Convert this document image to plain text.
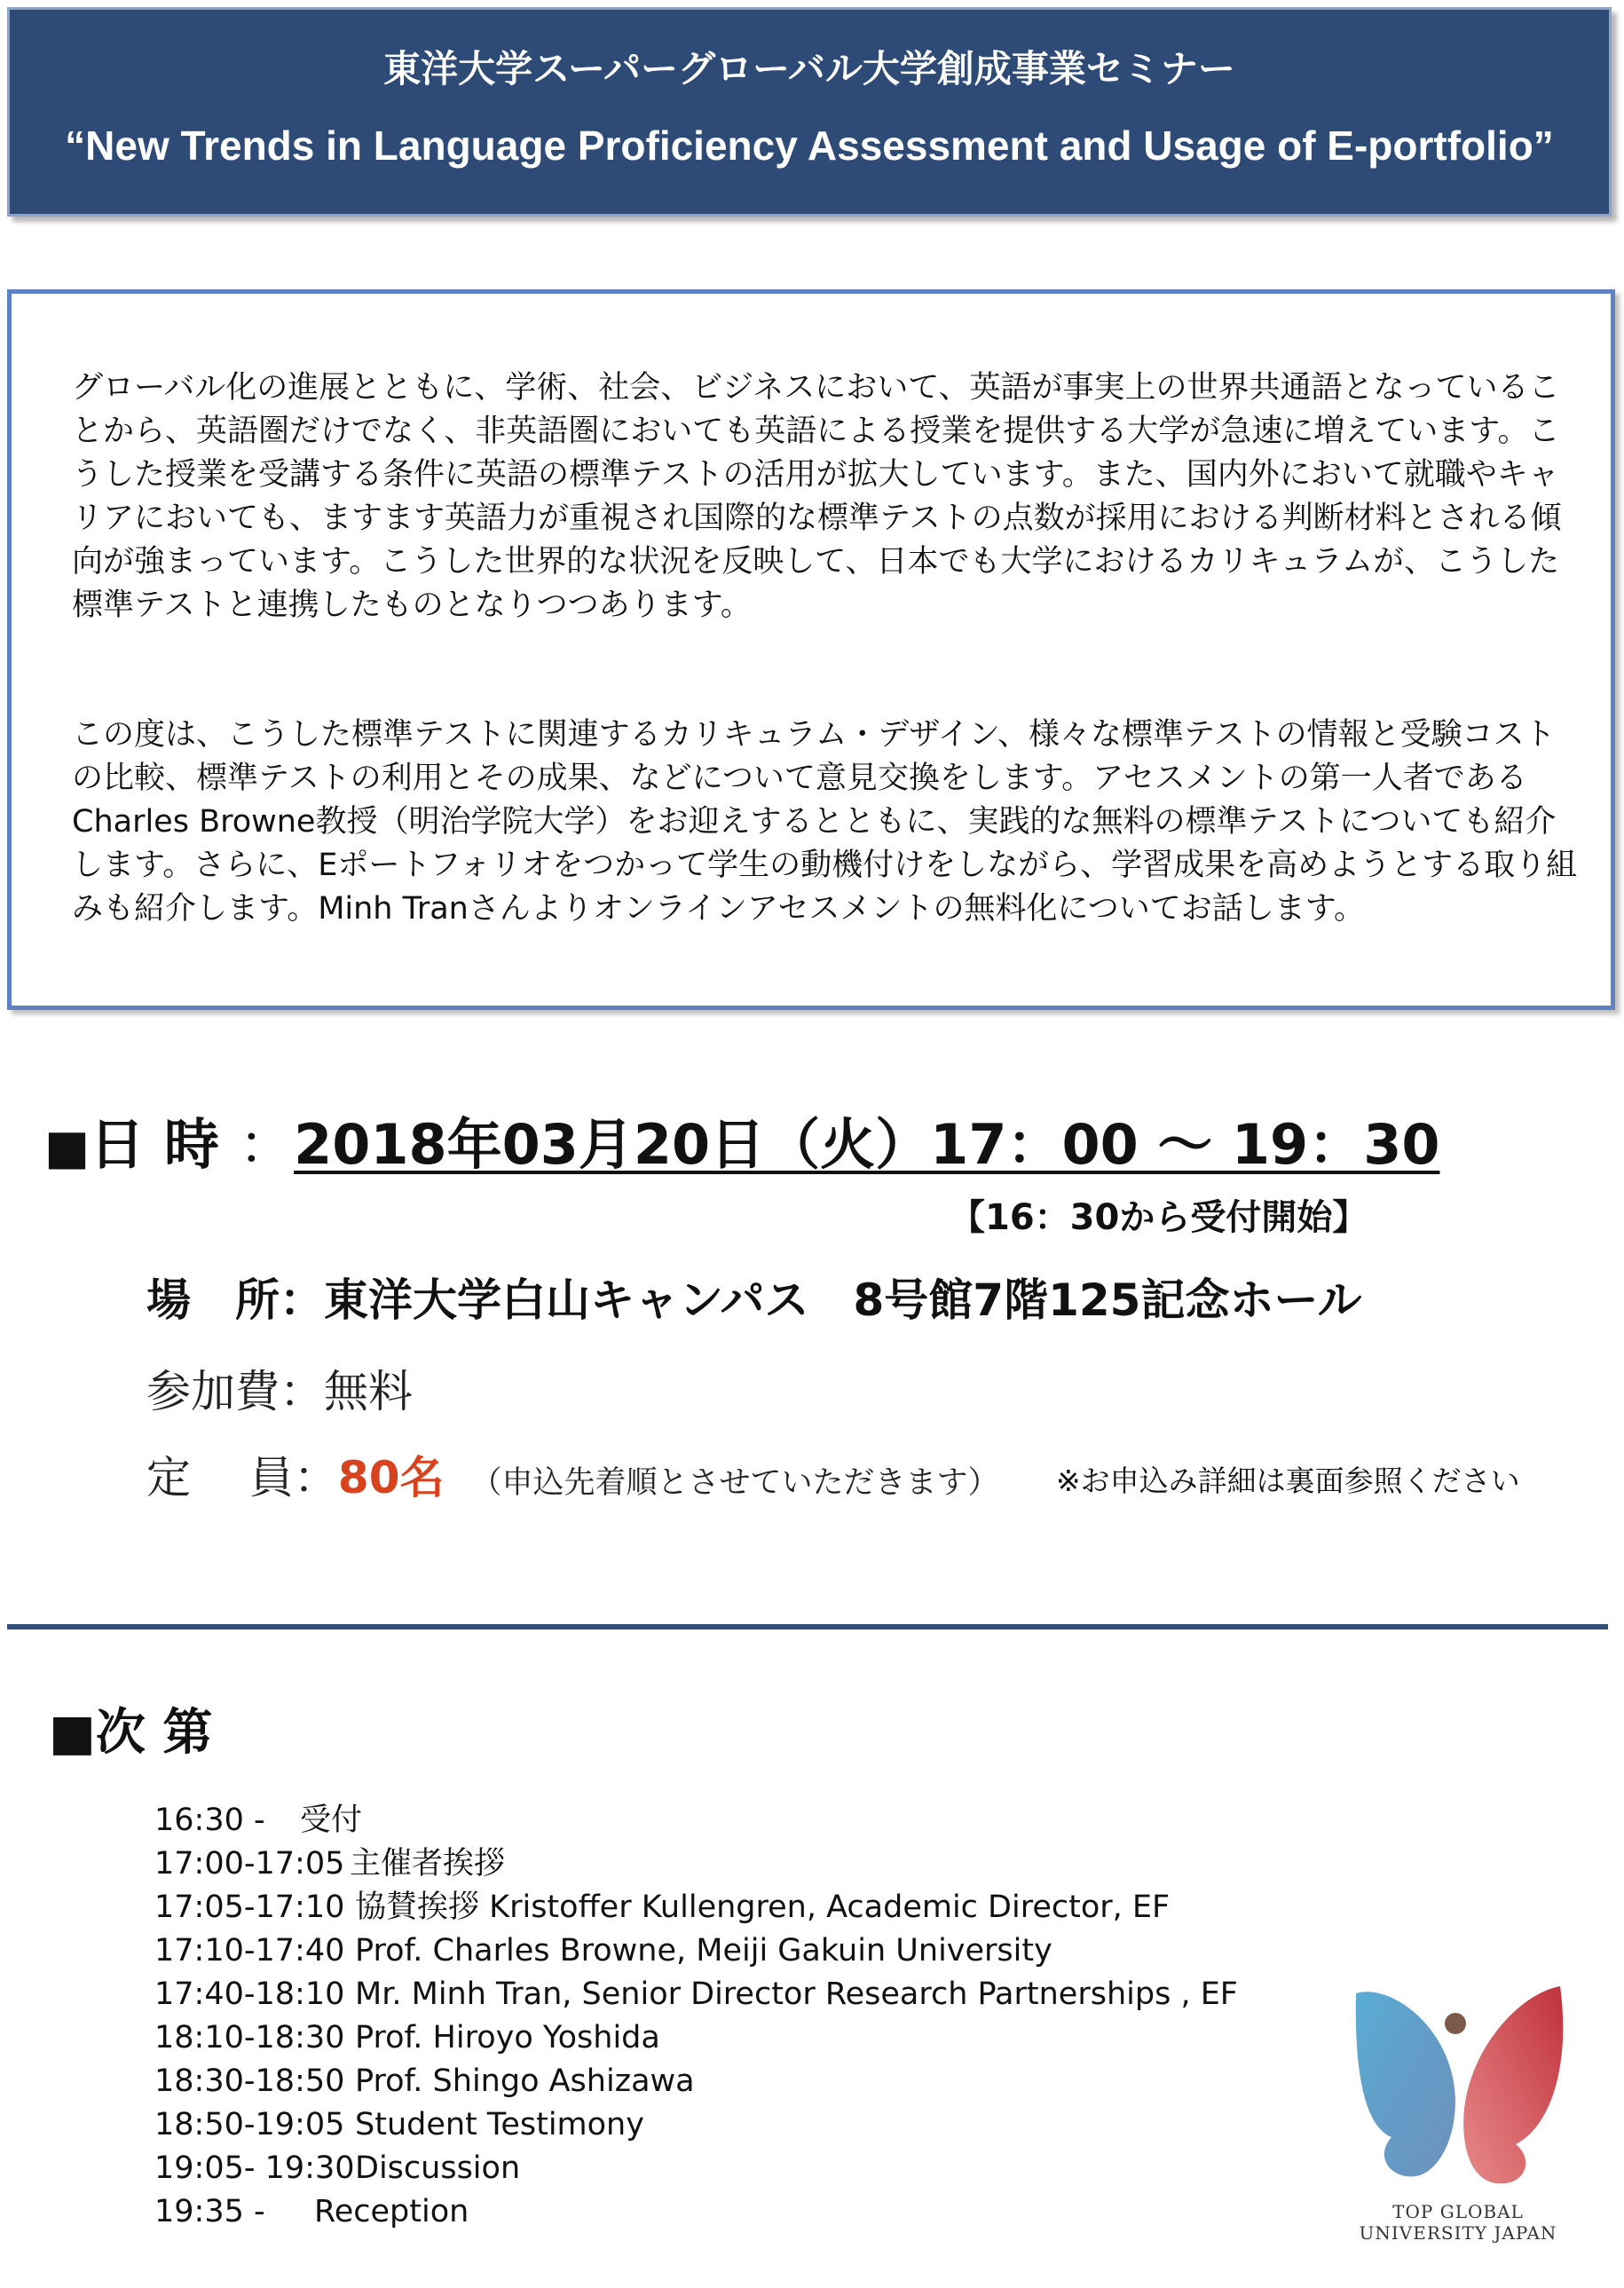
東洋大学スーパーグローバル大学創成事業セミナー
“New Trends in Language Proficiency Assessment and Usage of E-portfolio”
グローバル化の進展とともに、学術、社会、ビジネスにおいて、英語が事実上の世界共通語となっていることから、英語圏だけでなく、非英語圏においても英語による授業を提供する大学が急速に増えています。こうした授業を受講する条件に英語の標準テストの活用が拡大しています。また、国内外において就職やキャリアにおいても、ますます英語力が重視され国際的な標準テストの点数が採用における判断材料とされる傾向が強まっています。こうした世界的な状況を反映して、日本でも大学におけるカリキュラムが、こうした標準テストと連携したものとなりつつあります。
この度は、こうした標準テストに関連するカリキュラム・デザイン、様々な標準テストの情報と受験コストの比較、標準テストの利用とその成果、などについて意見交換をします。アセスメントの第一人者であるCharles Browne教授（明治学院大学）をお迎えするとともに、実践的な無料の標準テストについても紹介します。さらに、Eポートフォリオをつかって学生の動機付けをしながら、学習成果を高めようとする取り組みも紹介します。Minh Tranさんよりオンラインアセスメントの無料化についてお話します。
■日時：2018年03月20日（火）17：00 ～ 19：30
【16：30から受付開始】
場　所：東洋大学白山キャンパス　8号館7階125記念ホール
参加費：無料
定　 員：80名 （申込先着順とさせていただきます） ※お申込み詳細は裏面参照ください
■次 第
16:30 - 受付
17:00-17:05 主催者挨拶
17:05-17:10 協賛挨拶 Kristoffer Kullengren, Academic Director, EF
17:10-17:40 Prof. Charles Browne, Meiji Gakuin University
17:40-18:10 Mr. Minh Tran, Senior Director Research Partnerships , EF
18:10-18:30 Prof. Hiroyo Yoshida
18:30-18:50 Prof. Shingo Ashizawa
18:50-19:05 Student Testimony
19:05- 19:30Discussion
19:35 - Reception	TOP GLOBAL
UNIVERSITY JAPAN
